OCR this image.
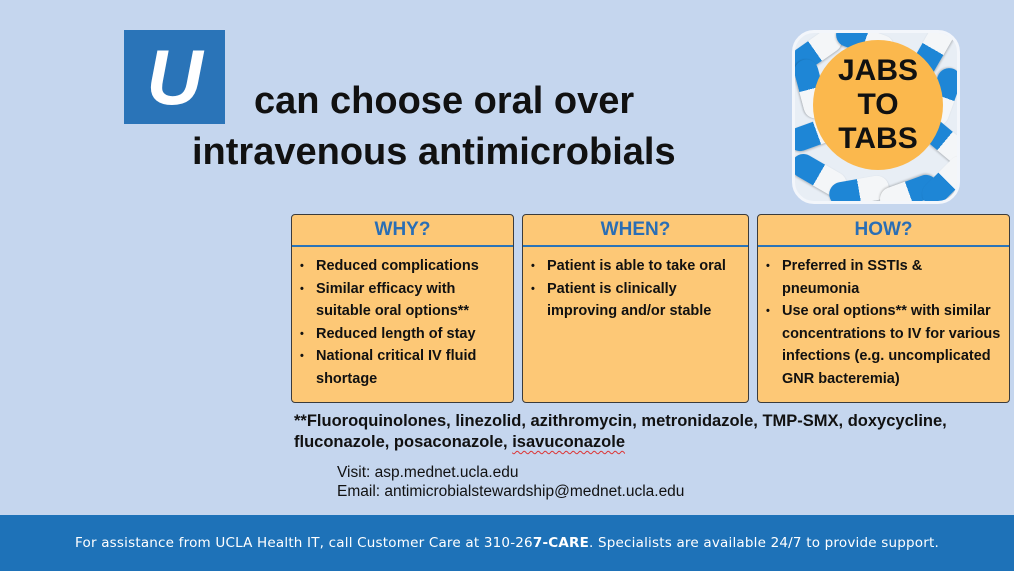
U can choose oral over
intravenous antimicrobials
JABS
TO
TABS
WHY?
• Reduced complications
• Similar efficacy with suitable oral options**
• Reduced length of stay
• National critical IV fluid shortage
WHEN?
• Patient is able to take oral
• Patient is clinically improving and/or stable
HOW?
• Preferred in SSTIs & pneumonia
• Use oral options** with similar concentrations to IV for various infections (e.g. uncomplicated GNR bacteremia)
**Fluoroquinolones, linezolid, azithromycin, metronidazole, TMP-SMX, doxycycline, fluconazole, posaconazole, isavuconazole
Visit: asp.mednet.ucla.edu
Email: antimicrobialstewardship@mednet.ucla.edu
For assistance from UCLA Health IT, call Customer Care at 310-267-CARE. Specialists are available 24/7 to provide support.
